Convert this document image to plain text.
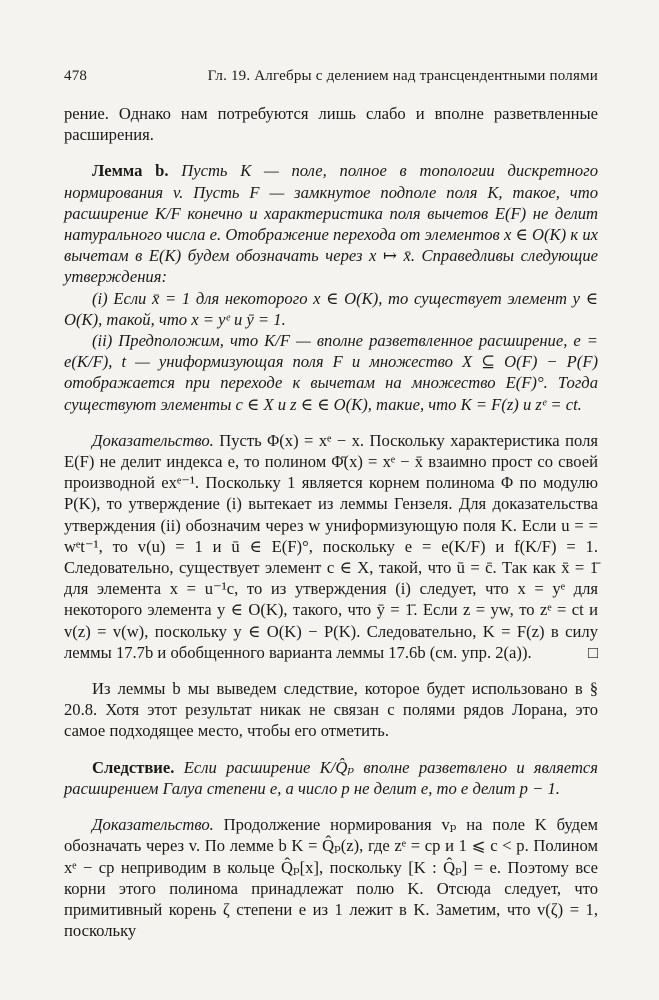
478	Гл. 19. Алгебры с делением над трансцендентными полями

рение. Однако нам потребуются лишь слабо и вполне разветвленные расширения.

Лемма b. Пусть K — поле, полное в топологии дискретного нормирования v. Пусть F — замкнутое подполе поля K, такое, что расширение K/F конечно и характеристика поля вычетов E(F) не делит натурального числа e. Отображение перехода от элементов x ∈ O(K) к их вычетам в E(K) будем обозначать через x ↦ x̄. Справедливы следующие утверждения:

(i) Если x̄ = 1 для некоторого x ∈ O(K), то существует элемент y ∈ O(K), такой, что x = yᵉ и ȳ = 1.

(ii) Предположим, что K/F — вполне разветвленное расширение, e = e(K/F), t — униформизующая поля F и множество X ⊆ O(F) − P(F) отображается при переходе к вычетам на множество E(F)°. Тогда существуют элементы c ∈ X и z ∈ ∈ O(K), такие, что K = F(z) и zᵉ = ct.

Доказательство. Пусть Φ(x) = xᵉ − x. Поскольку характеристика поля E(F) не делит индекса e, то полином Φ̄(x) = xᵉ − x̄ взаимно прост со своей производной exᵉ⁻¹. Поскольку 1 является корнем полинома Φ по модулю P(K), то утверждение (i) вытекает из леммы Гензеля. Для доказательства утверждения (ii) обозначим через w униформизующую поля K. Если u = = wᵉt⁻¹, то v(u) = 1 и ū ∈ E(F)°, поскольку e = e(K/F) и f(K/F) = 1. Следовательно, существует элемент c ∈ X, такой, что ū = c̄. Так как x̄ = 1̄ для элемента x = u⁻¹c, то из утверждения (i) следует, что x = yᵉ для некоторого элемента y ∈ O(K), такого, что ȳ = 1̄. Если z = yw, то zᵉ = ct и v(z) = v(w), поскольку y ∈ O(K) − P(K). Следовательно, K = F(z) в силу леммы 17.7b и обобщенного варианта леммы 17.6b (см. упр. 2(a)).	□

Из леммы b мы выведем следствие, которое будет использовано в § 20.8. Хотя этот результат никак не связан с полями рядов Лорана, это самое подходящее место, чтобы его отметить.

Следствие. Если расширение K/Q̂ₚ вполне разветвлено и является расширением Галуа степени e, а число p не делит e, то e делит p − 1.

Доказательство. Продолжение нормирования vₚ на поле K будем обозначать через v. По лемме b K = Q̂ₚ(z), где zᵉ = cp и 1 ⩽ c < p. Полином xᵉ − cp неприводим в кольце Q̂ₚ[x], поскольку [K : Q̂ₚ] = e. Поэтому все корни этого полинома принадлежат полю K. Отсюда следует, что примитивный корень ζ степени e из 1 лежит в K. Заметим, что v(ζ) = 1, поскольку
